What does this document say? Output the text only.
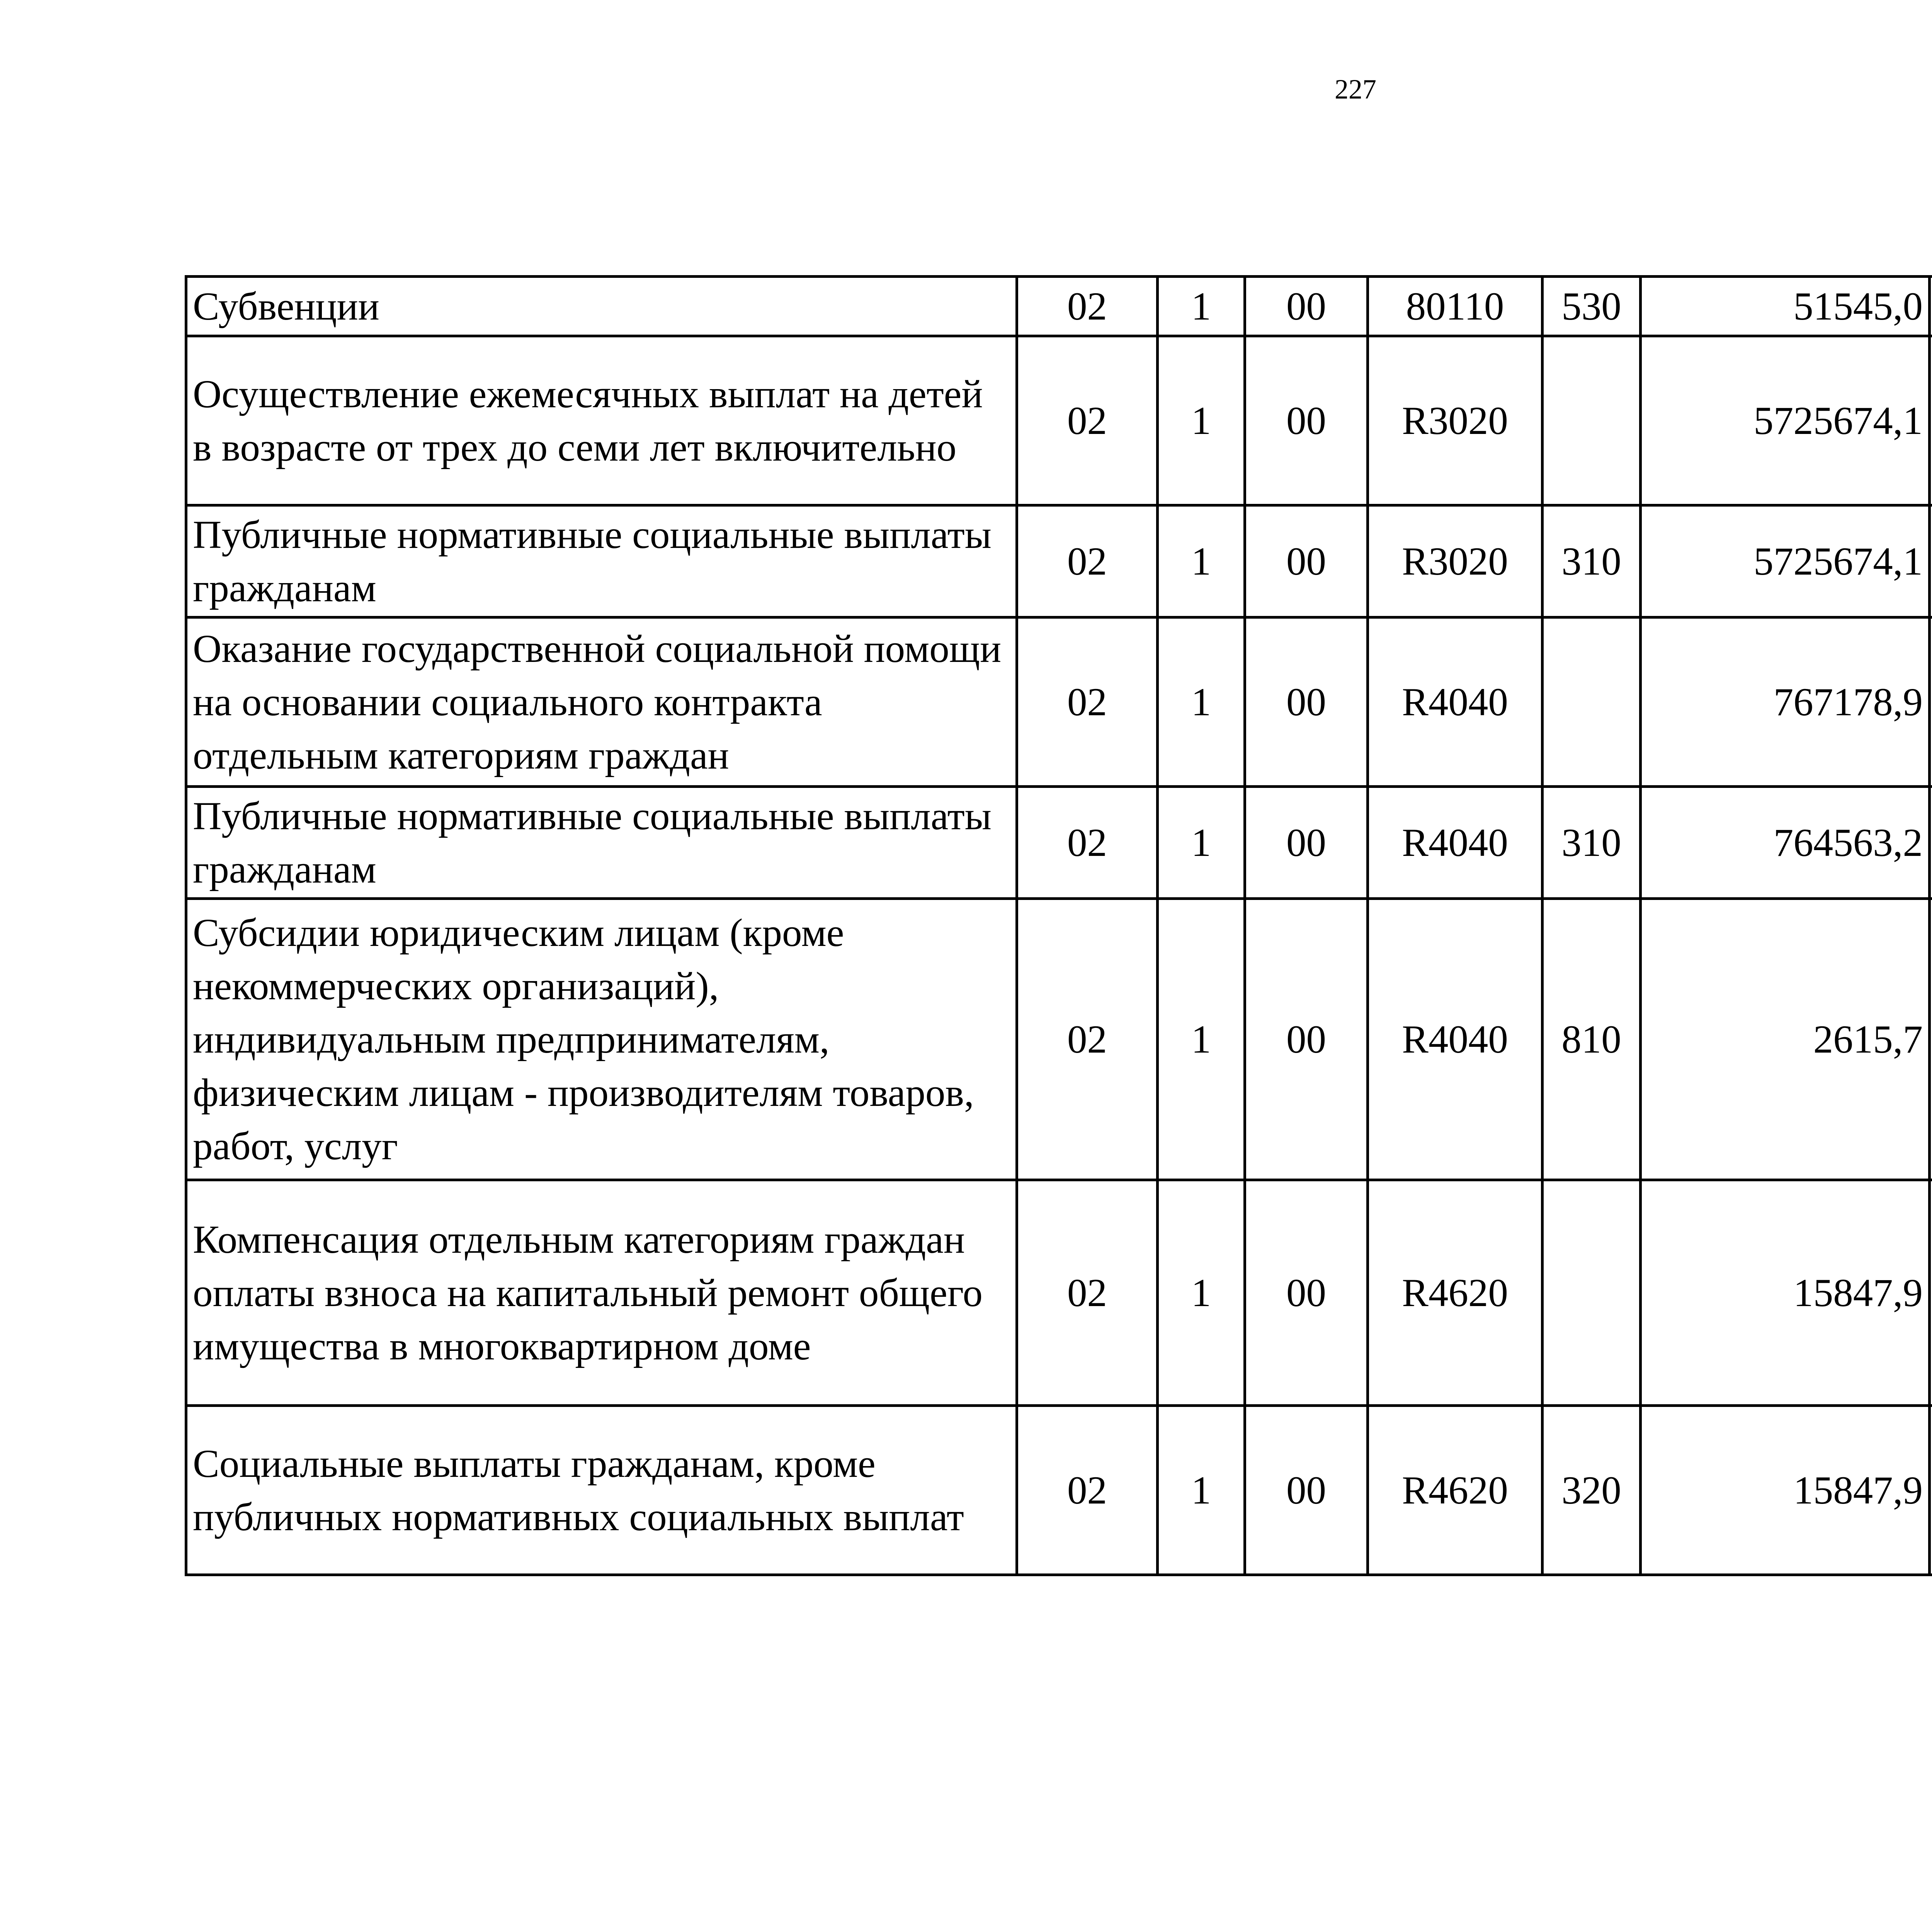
227
Субвенции	02	1	00	80110	530	51545,0		
Осуществление ежемесячных выплат на детей в возрасте от трех до семи лет включительно	02	1	00	R3020		5725674,1		
Публичные нормативные социальные выплаты гражданам	02	1	00	R3020	310	5725674,1		
Оказание государственной социальной помощи на основании социального контракта отдельным категориям граждан	02	1	00	R4040		767178,9		
Публичные нормативные социальные выплаты гражданам	02	1	00	R4040	310	764563,2		
Субсидии юридическим лицам (кроме некоммерческих организаций), индивидуальным предпринимателям, физическим лицам - производителям товаров, работ, услуг	02	1	00	R4040	810	2615,7		
Компенсация отдельным категориям граждан оплаты взноса на капитальный ремонт общего имущества в многоквартирном доме	02	1	00	R4620		15847,9		
Социальные выплаты гражданам, кроме публичных нормативных социальных выплат	02	1	00	R4620	320	15847,9		
